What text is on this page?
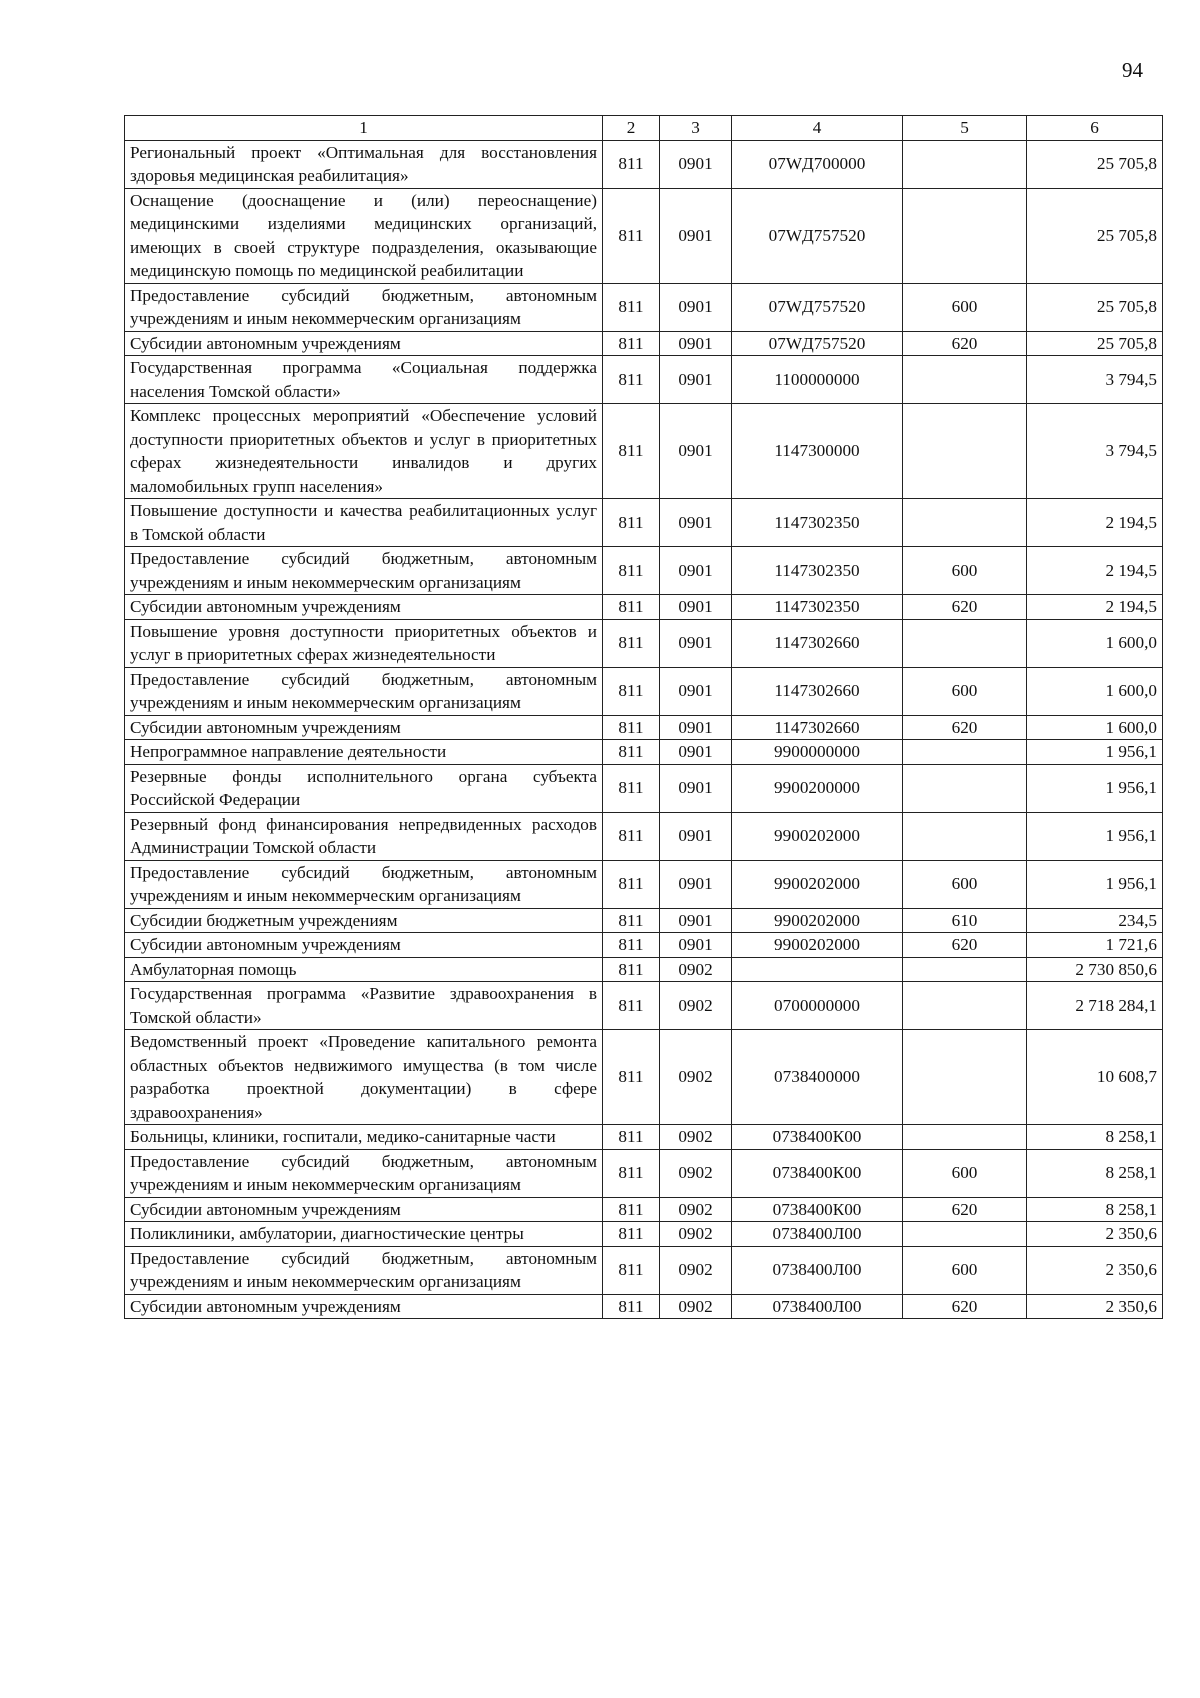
94
1	2	3	4	5	6
Региональный проект «Оптимальная для восстановления здоровья медицинская реабилитация»	811	0901	07WД700000		25 705,8
Оснащение (дооснащение и (или) переоснащение) медицинскими изделиями медицинских организаций, имеющих в своей структуре подразделения, оказывающие медицинскую помощь по медицинской реабилитации	811	0901	07WД757520		25 705,8
Предоставление субсидий бюджетным, автономным учреждениям и иным некоммерческим организациям	811	0901	07WД757520	600	25 705,8
Субсидии автономным учреждениям	811	0901	07WД757520	620	25 705,8
Государственная программа «Социальная поддержка населения Томской области»	811	0901	1100000000		3 794,5
Комплекс процессных мероприятий «Обеспечение условий доступности приоритетных объектов и услуг в приоритетных сферах жизнедеятельности инвалидов и других маломобильных групп населения»	811	0901	1147300000		3 794,5
Повышение доступности и качества реабилитационных услуг в Томской области	811	0901	1147302350		2 194,5
Предоставление субсидий бюджетным, автономным учреждениям и иным некоммерческим организациям	811	0901	1147302350	600	2 194,5
Субсидии автономным учреждениям	811	0901	1147302350	620	2 194,5
Повышение уровня доступности приоритетных объектов и услуг в приоритетных сферах жизнедеятельности	811	0901	1147302660		1 600,0
Предоставление субсидий бюджетным, автономным учреждениям и иным некоммерческим организациям	811	0901	1147302660	600	1 600,0
Субсидии автономным учреждениям	811	0901	1147302660	620	1 600,0
Непрограммное направление деятельности	811	0901	9900000000		1 956,1
Резервные фонды исполнительного органа субъекта Российской Федерации	811	0901	9900200000		1 956,1
Резервный фонд финансирования непредвиденных расходов Администрации Томской области	811	0901	9900202000		1 956,1
Предоставление субсидий бюджетным, автономным учреждениям и иным некоммерческим организациям	811	0901	9900202000	600	1 956,1
Субсидии бюджетным учреждениям	811	0901	9900202000	610	234,5
Субсидии автономным учреждениям	811	0901	9900202000	620	1 721,6
Амбулаторная помощь	811	0902			2 730 850,6
Государственная программа «Развитие здравоохранения в Томской области»	811	0902	0700000000		2 718 284,1
Ведомственный проект «Проведение капитального ремонта областных объектов недвижимого имущества (в том числе разработка проектной документации) в сфере здравоохранения»	811	0902	0738400000		10 608,7
Больницы, клиники, госпитали, медико-санитарные части	811	0902	0738400К00		8 258,1
Предоставление субсидий бюджетным, автономным учреждениям и иным некоммерческим организациям	811	0902	0738400К00	600	8 258,1
Субсидии автономным учреждениям	811	0902	0738400К00	620	8 258,1
Поликлиники, амбулатории, диагностические центры	811	0902	0738400Л00		2 350,6
Предоставление субсидий бюджетным, автономным учреждениям и иным некоммерческим организациям	811	0902	0738400Л00	600	2 350,6
Субсидии автономным учреждениям	811	0902	0738400Л00	620	2 350,6
